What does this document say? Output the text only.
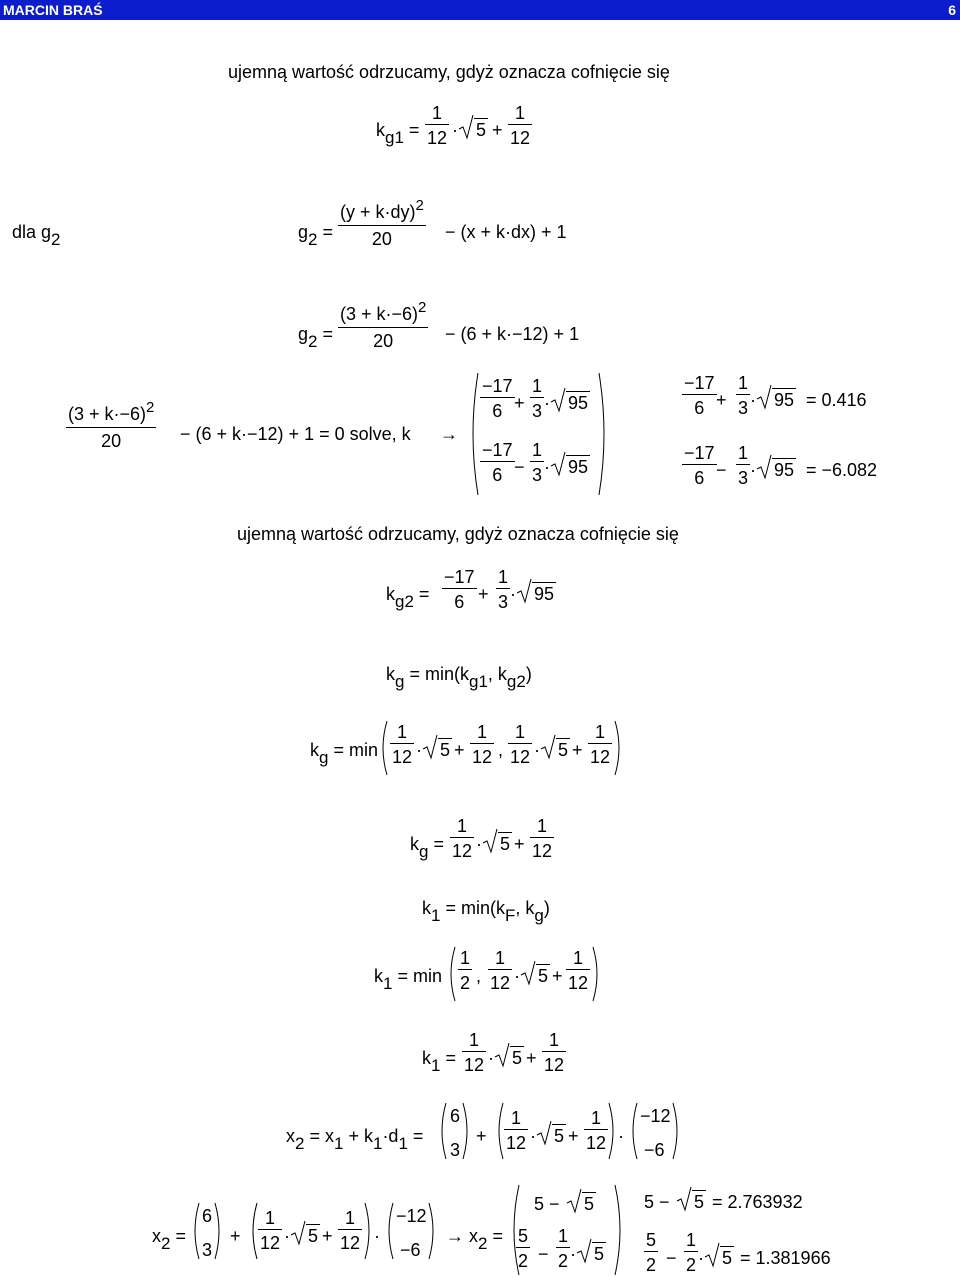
MARCIN BRAŚ	6
ujemną wartość odrzucamy, gdyż oznacza cofnięcie się
kg1 =
1
12 · 5 +
1
12
dla g2	g2 =
$(y + k\cdot dy)^2$
20	− (x + k·dx) + 1
g2 =
$(3 + k\cdot-6)^2$
20	− (6 + k·−12) + 1
$(3 + k\cdot-6)^2$
20	− (6 + k·−12) + 1 = 0 solve, k →
−17
6 +
1
3 · 95
−17
6 −
1
3 · 95
−17
6 +
1
3 · 95 = 0.416
−17
6 −
1
3 · 95 = −6.082
ujemną wartość odrzucamy, gdyż oznacza cofnięcie się
kg2 =
−17
6 +
1
3 · 95
kg = min(kg1, kg2)
kg = min
1
12 · 5 +
1
12 ,
1
12 · 5 +
1
12
kg =
1
12 · 5 +
1
12
k1 = min(kF, kg)
k1 = min
1
2 ,
1
12 · 5 +
1
12
k1 =
1
12 · 5 +
1
12
x2 = x1 + k1·d1 =
6
3
+
1
12 · 5 +
1
12 ·
−12
−6
x2 =
6
3
+
1
12 · 5 +
1
12 ·
−12
−6
→ x2 =
5 − 5
5
2 −
1
2 · 5
5 − 5 = 2.763932
5
2 −
1
2 · 5 = 1.381966
